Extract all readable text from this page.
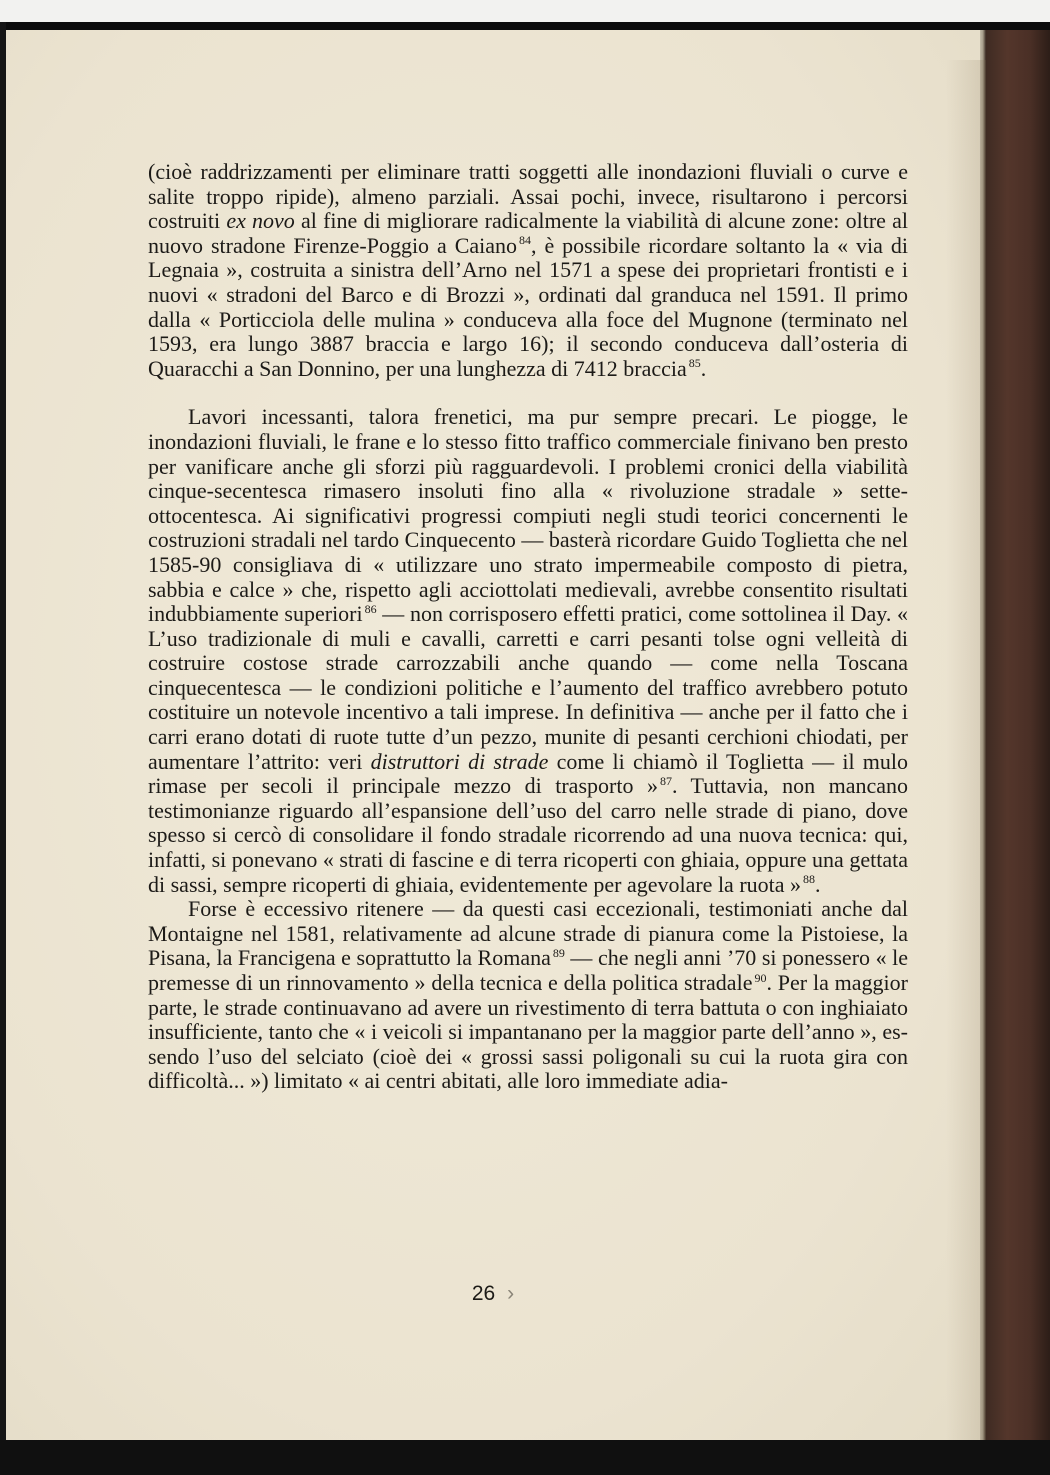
(cioè raddrizzamenti per eliminare tratti soggetti alle inondazioni fluviali o curve e salite troppo ripide), almeno parziali. Assai pochi, invece, risultarono i percorsi costruiti ex novo al fine di migliorare radicalmente la viabilità di alcune zone: oltre al nuovo stradone Firenze-Poggio a Caiano $^{84}$, è possibile ricordare soltanto la « via di Legnaia », costruita a sinistra dell’Arno nel 1571 a spese dei proprietari frontisti e i nuovi « stradoni del Barco e di Brozzi », ordinati dal granduca nel 1591. Il primo dalla « Porticciola delle mulina » conduceva alla foce del Mugnone (terminato nel 1593, era lungo 3887 braccia e largo 16); il secondo conduceva dall’osteria di Quaracchi a San Donnino, per una lunghezza di 7412 braccia $^{85}$.

Lavori incessanti, talora frenetici, ma pur sempre precari. Le piogge, le inondazioni fluviali, le frane e lo stesso fitto traffico commerciale finivano ben presto per vanificare anche gli sforzi più ragguardevoli. I problemi cronici della viabilità cinque-secentesca rimasero insoluti fino alla « rivoluzione stradale » sette-ottocentesca. Ai significativi progressi compiuti negli studi teorici concernenti le costruzioni stradali nel tardo Cinquecento — basterà ricordare Guido Toglietta che nel 1585-90 consigliava di « utilizzare uno strato impermeabile composto di pietra, sabbia e calce » che, rispetto agli acciottolati medievali, avrebbe consentito risultati indubbiamente superiori $^{86}$ — non corrisposero effetti pratici, come sottolinea il Day. « L’uso tradizionale di muli e cavalli, carretti e carri pesanti tolse ogni velleità di costruire costose strade carrozzabili anche quando — come nella Toscana cinquecentesca — le condizioni politiche e l’aumento del traffico avrebbero potuto costituire un notevole incentivo a tali imprese. In definitiva — anche per il fatto che i carri erano dotati di ruote tutte d’un pezzo, munite di pesanti cerchioni chiodati, per aumentare l’attrito: veri distruttori di strade come li chiamò il Toglietta — il mulo rimase per secoli il principale mezzo di trasporto » $^{87}$. Tuttavia, non mancano testimonianze riguardo all’espansione dell’uso del carro nelle strade di piano, dove spesso si cercò di consolidare il fondo stradale ricorrendo ad una nuova tecnica: qui, infatti, si ponevano « strati di fascine e di terra ricoperti con ghiaia, oppure una gettata di sassi, sempre ricoperti di ghiaia, evidentemente per agevolare la ruota » $^{88}$.

Forse è eccessivo ritenere — da questi casi eccezionali, testimoniati anche dal Montaigne nel 1581, relativamente ad alcune strade di pianura come la Pistoiese, la Pisana, la Francigena e soprattutto la Romana $^{89}$ — che negli anni ’70 si ponessero « le premesse di un rinnovamento » della tecnica e della politica stradale $^{90}$. Per la maggior parte, le strade continuavano ad avere un rivestimento di terra battuta o con inghiaiato insufficiente, tanto che « i veicoli si impantanano per la maggior parte dell’anno », essendo l’uso del selciato (cioè dei « grossi sassi poligonali su cui la ruota gira con difficoltà... ») limitato « ai centri abitati, alle loro immediate adia-

26 ›
